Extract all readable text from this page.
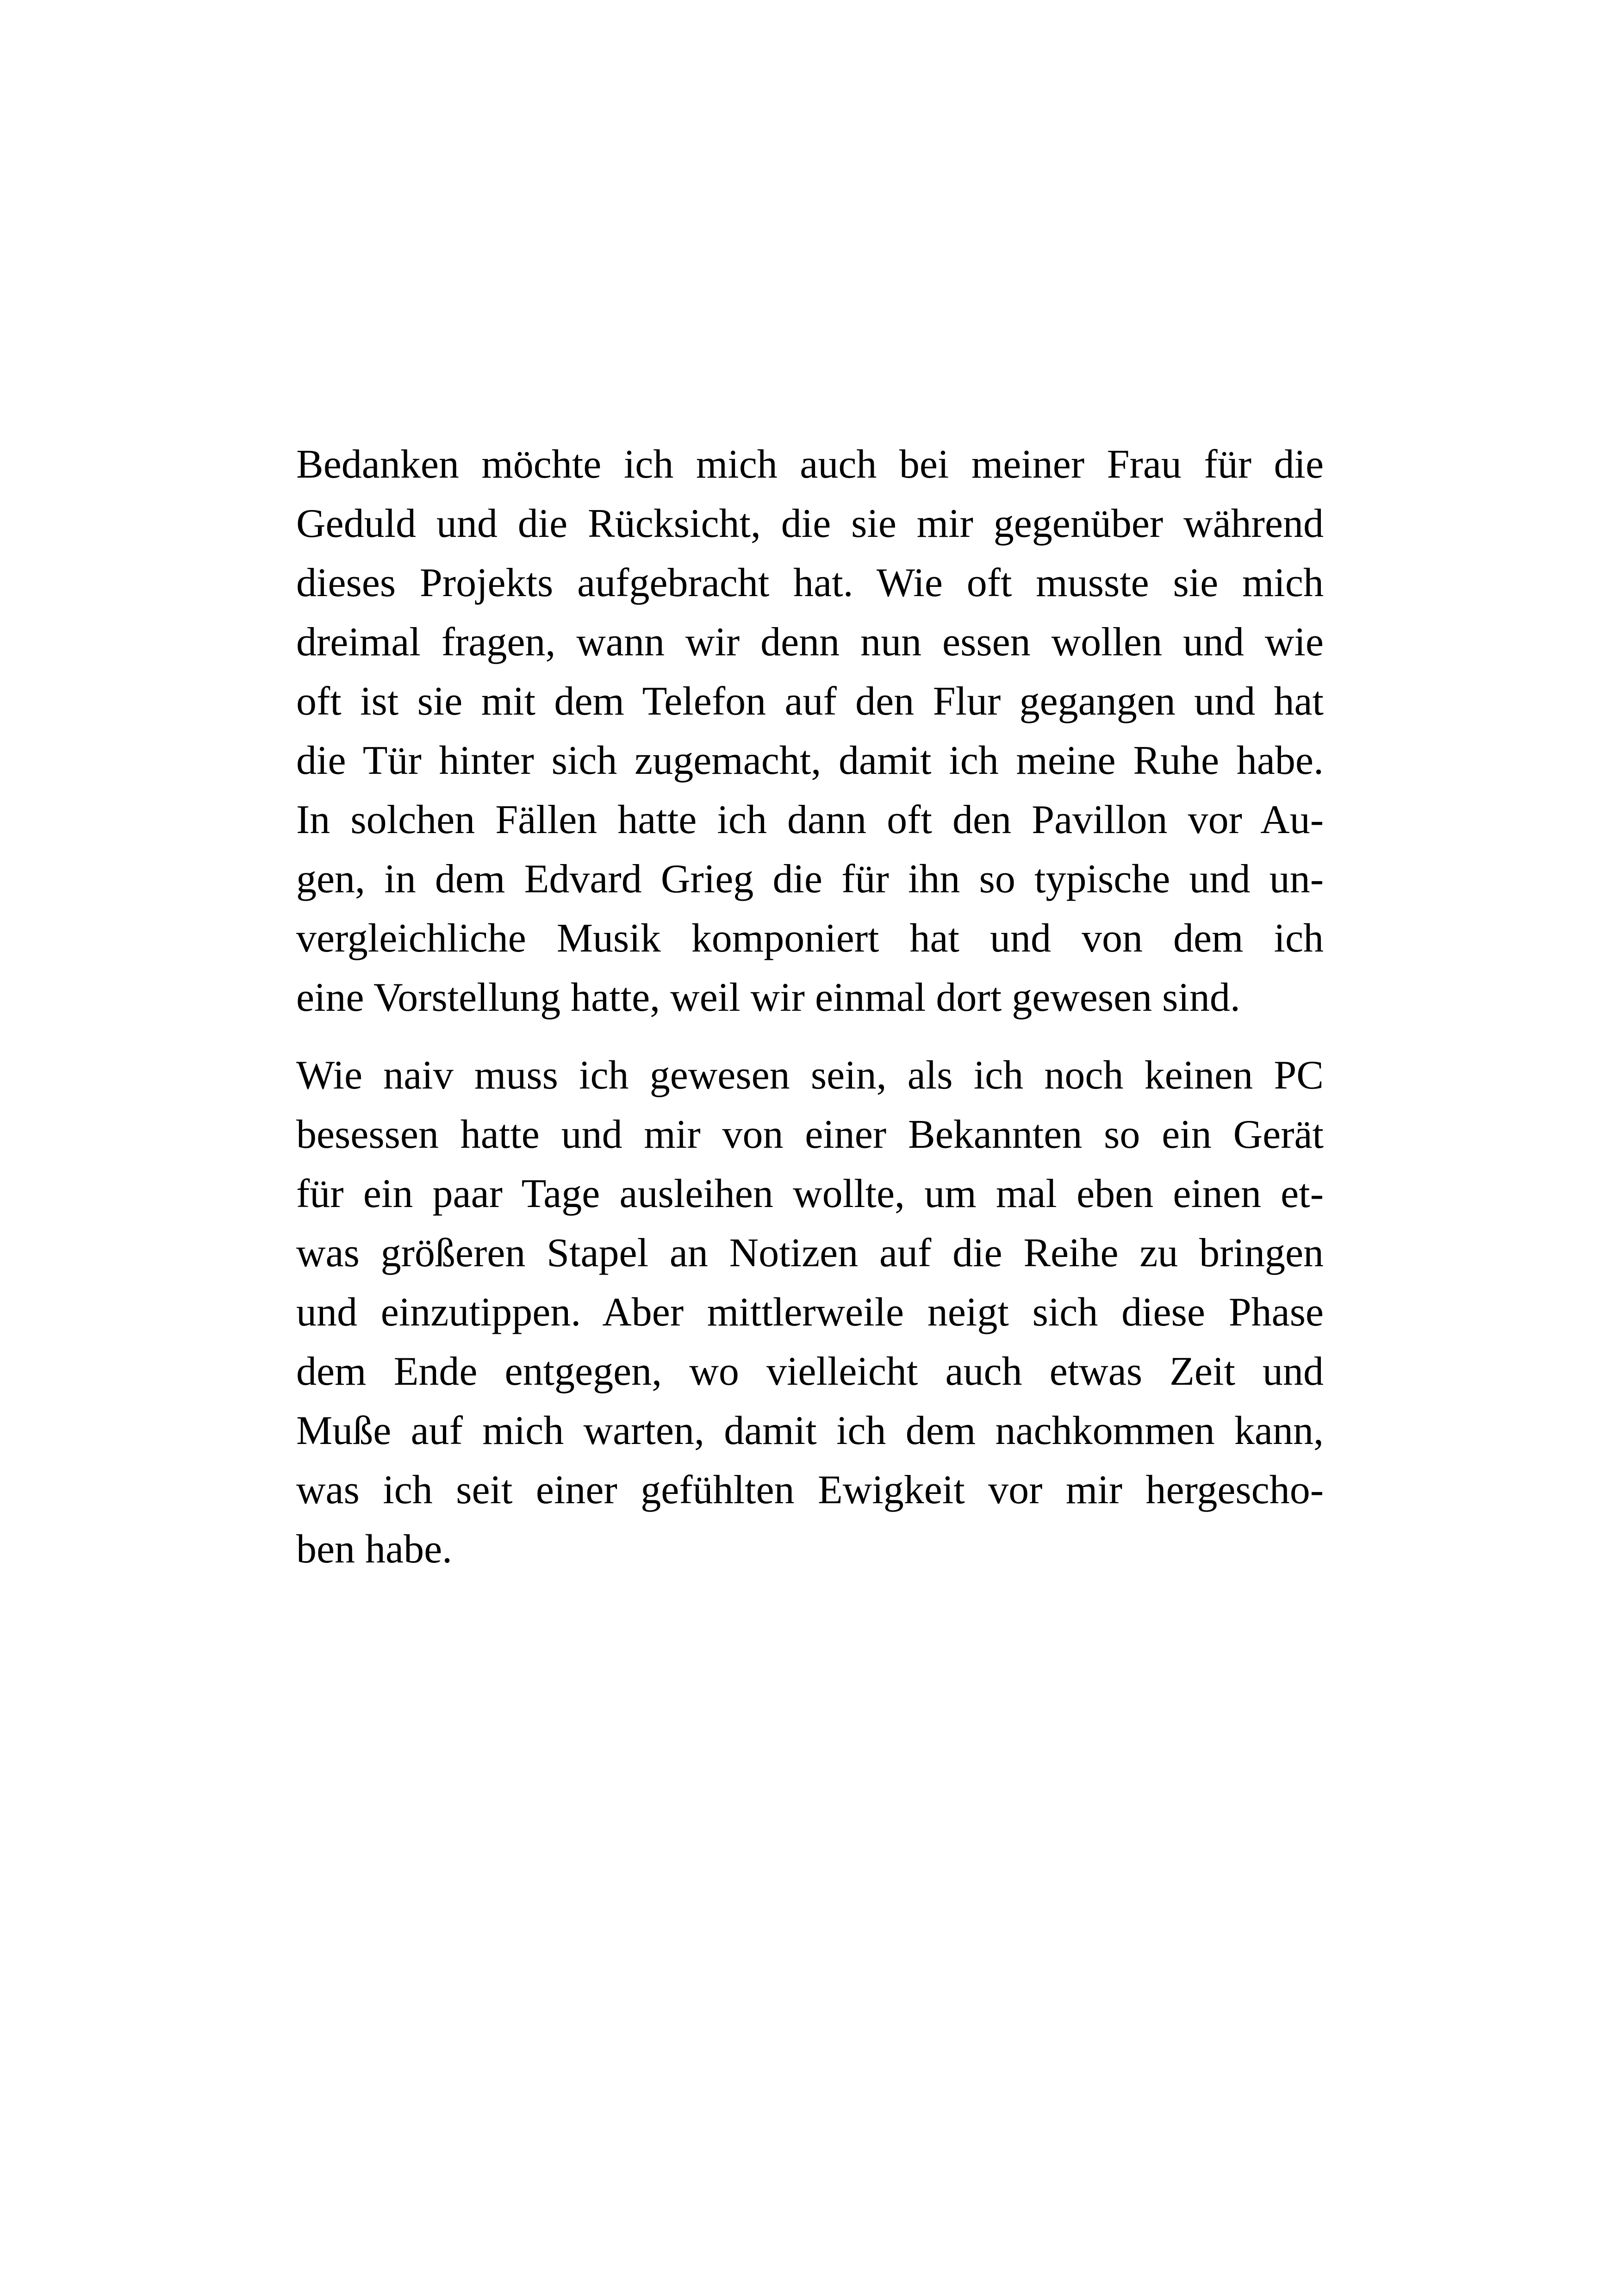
Bedanken möchte ich mich auch bei meiner Frau für die
Geduld und die Rücksicht, die sie mir gegenüber während
dieses Projekts aufgebracht hat. Wie oft musste sie mich
dreimal fragen, wann wir denn nun essen wollen und wie
oft ist sie mit dem Telefon auf den Flur gegangen und hat
die Tür hinter sich zugemacht, damit ich meine Ruhe habe.
In solchen Fällen hatte ich dann oft den Pavillon vor Au-
gen, in dem Edvard Grieg die für ihn so typische und un-
vergleichliche Musik komponiert hat und von dem ich
eine Vorstellung hatte, weil wir einmal dort gewesen sind.

Wie naiv muss ich gewesen sein, als ich noch keinen PC
besessen hatte und mir von einer Bekannten so ein Gerät
für ein paar Tage ausleihen wollte, um mal eben einen et-
was größeren Stapel an Notizen auf die Reihe zu bringen
und einzutippen. Aber mittlerweile neigt sich diese Phase
dem Ende entgegen, wo vielleicht auch etwas Zeit und
Muße auf mich warten, damit ich dem nachkommen kann,
was ich seit einer gefühlten Ewigkeit vor mir hergescho-
ben habe.
